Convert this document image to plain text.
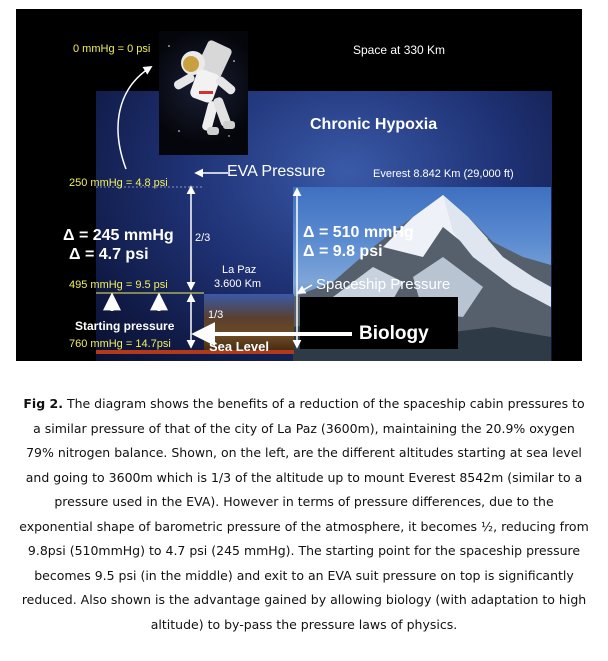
0 mmHg = 0 psi	Space at 330 Km
Chronic Hypoxia
EVA Pressure	Everest 8.842 Km (29,000 ft)
250 mmHg = 4.8 psi
Δ = 245 mmHg
Δ = 4.7 psi
2/3	Δ = 510 mmHg
Δ = 9.8 psi
La Paz
3.600 Km	Spaceship Pressure
495 mmHg = 9.5 psi
1/3
Starting pressure	Biology
760 mmHg = 14.7psi	Sea Level
Fig 2. The diagram shows the benefits of a reduction of the spaceship cabin pressures to a similar pressure of that of the city of La Paz (3600m), maintaining the 20.9% oxygen 79% nitrogen balance. Shown, on the left, are the different altitudes starting at sea level and going to 3600m which is 1/3 of the altitude up to mount Everest 8542m (similar to a pressure used in the EVA). However in terms of pressure differences, due to the exponential shape of barometric pressure of the atmosphere, it becomes ½, reducing from 9.8psi (510mmHg) to 4.7 psi (245 mmHg). The starting point for the spaceship pressure becomes 9.5 psi (in the middle) and exit to an EVA suit pressure on top is significantly reduced. Also shown is the advantage gained by allowing biology (with adaptation to high altitude) to by-pass the pressure laws of physics.
